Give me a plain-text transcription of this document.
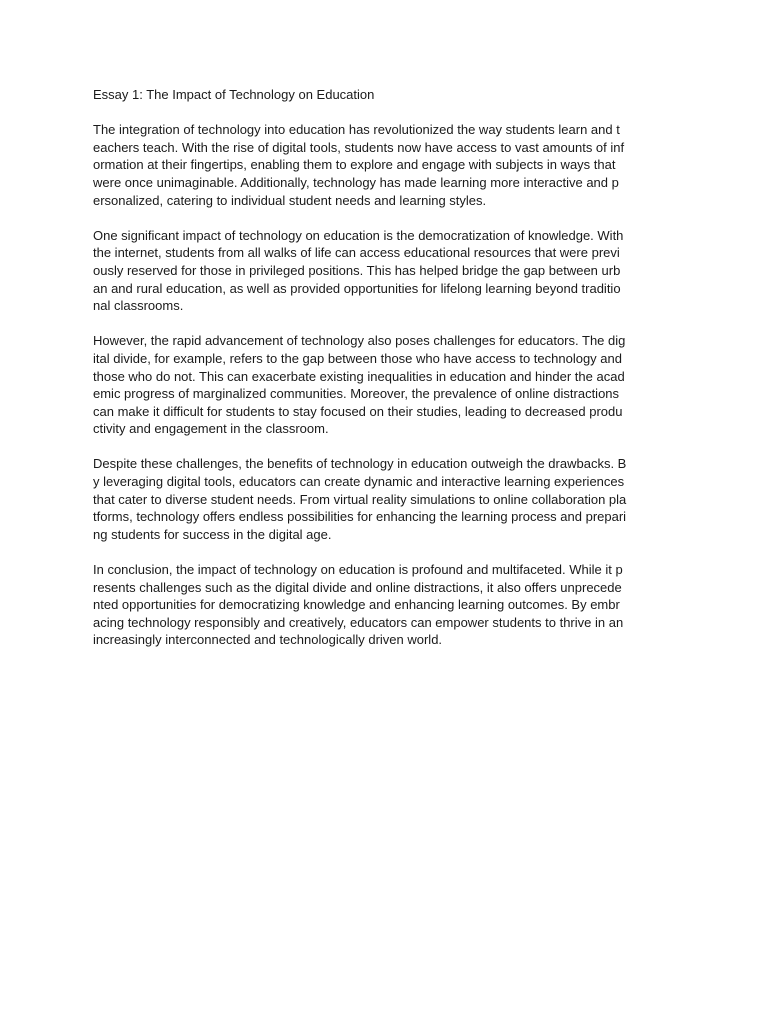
Essay 1: The Impact of Technology on Education
The integration of technology into education has revolutionized the way students learn and t
eachers teach. With the rise of digital tools, students now have access to vast amounts of inf
ormation at their fingertips, enabling them to explore and engage with subjects in ways that
were once unimaginable. Additionally, technology has made learning more interactive and p
ersonalized, catering to individual student needs and learning styles.
One significant impact of technology on education is the democratization of knowledge. With
the internet, students from all walks of life can access educational resources that were previ
ously reserved for those in privileged positions. This has helped bridge the gap between urb
an and rural education, as well as provided opportunities for lifelong learning beyond traditio
nal classrooms.
However, the rapid advancement of technology also poses challenges for educators. The dig
ital divide, for example, refers to the gap between those who have access to technology and
those who do not. This can exacerbate existing inequalities in education and hinder the acad
emic progress of marginalized communities. Moreover, the prevalence of online distractions
can make it difficult for students to stay focused on their studies, leading to decreased produ
ctivity and engagement in the classroom.
Despite these challenges, the benefits of technology in education outweigh the drawbacks. B
y leveraging digital tools, educators can create dynamic and interactive learning experiences
that cater to diverse student needs. From virtual reality simulations to online collaboration pla
tforms, technology offers endless possibilities for enhancing the learning process and prepari
ng students for success in the digital age.
In conclusion, the impact of technology on education is profound and multifaceted. While it p
resents challenges such as the digital divide and online distractions, it also offers unprecede
nted opportunities for democratizing knowledge and enhancing learning outcomes. By embr
acing technology responsibly and creatively, educators can empower students to thrive in an
increasingly interconnected and technologically driven world.
